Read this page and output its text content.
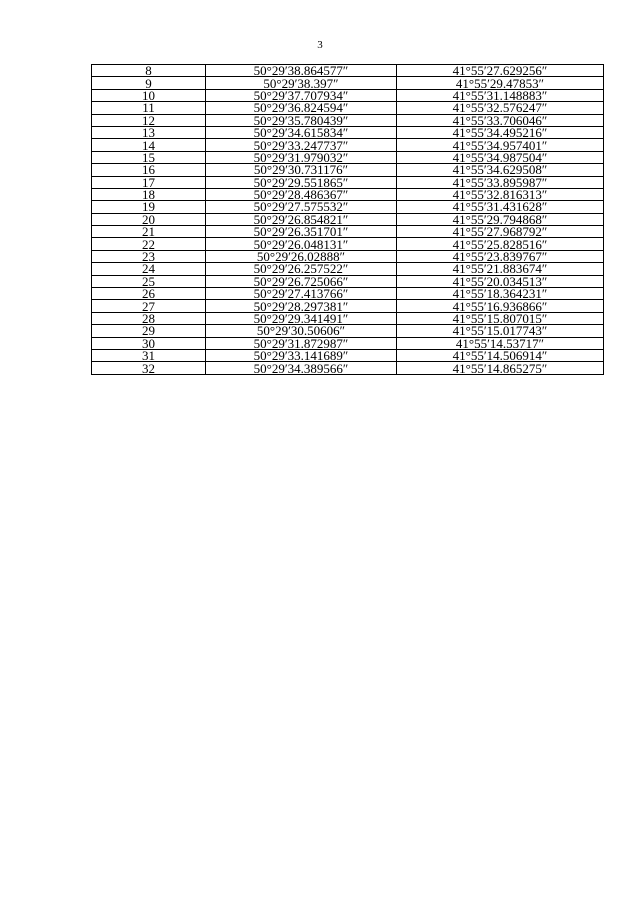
3
8	50°29′38.864577″	41°55′27.629256″
9	50°29′38.397″	41°55′29.47853″
10	50°29′37.707934″	41°55′31.148883″
11	50°29′36.824594″	41°55′32.576247″
12	50°29′35.780439″	41°55′33.706046″
13	50°29′34.615834″	41°55′34.495216″
14	50°29′33.247737″	41°55′34.957401″
15	50°29′31.979032″	41°55′34.987504″
16	50°29′30.731176″	41°55′34.629508″
17	50°29′29.551865″	41°55′33.895987″
18	50°29′28.486367″	41°55′32.816313″
19	50°29′27.575532″	41°55′31.431628″
20	50°29′26.854821″	41°55′29.794868″
21	50°29′26.351701″	41°55′27.968792″
22	50°29′26.048131″	41°55′25.828516″
23	50°29′26.02888″	41°55′23.839767″
24	50°29′26.257522″	41°55′21.883674″
25	50°29′26.725066″	41°55′20.034513″
26	50°29′27.413766″	41°55′18.364231″
27	50°29′28.297381″	41°55′16.936866″
28	50°29′29.341491″	41°55′15.807015″
29	50°29′30.50606″	41°55′15.017743″
30	50°29′31.872987″	41°55′14.53717″
31	50°29′33.141689″	41°55′14.506914″
32	50°29′34.389566″	41°55′14.865275″
